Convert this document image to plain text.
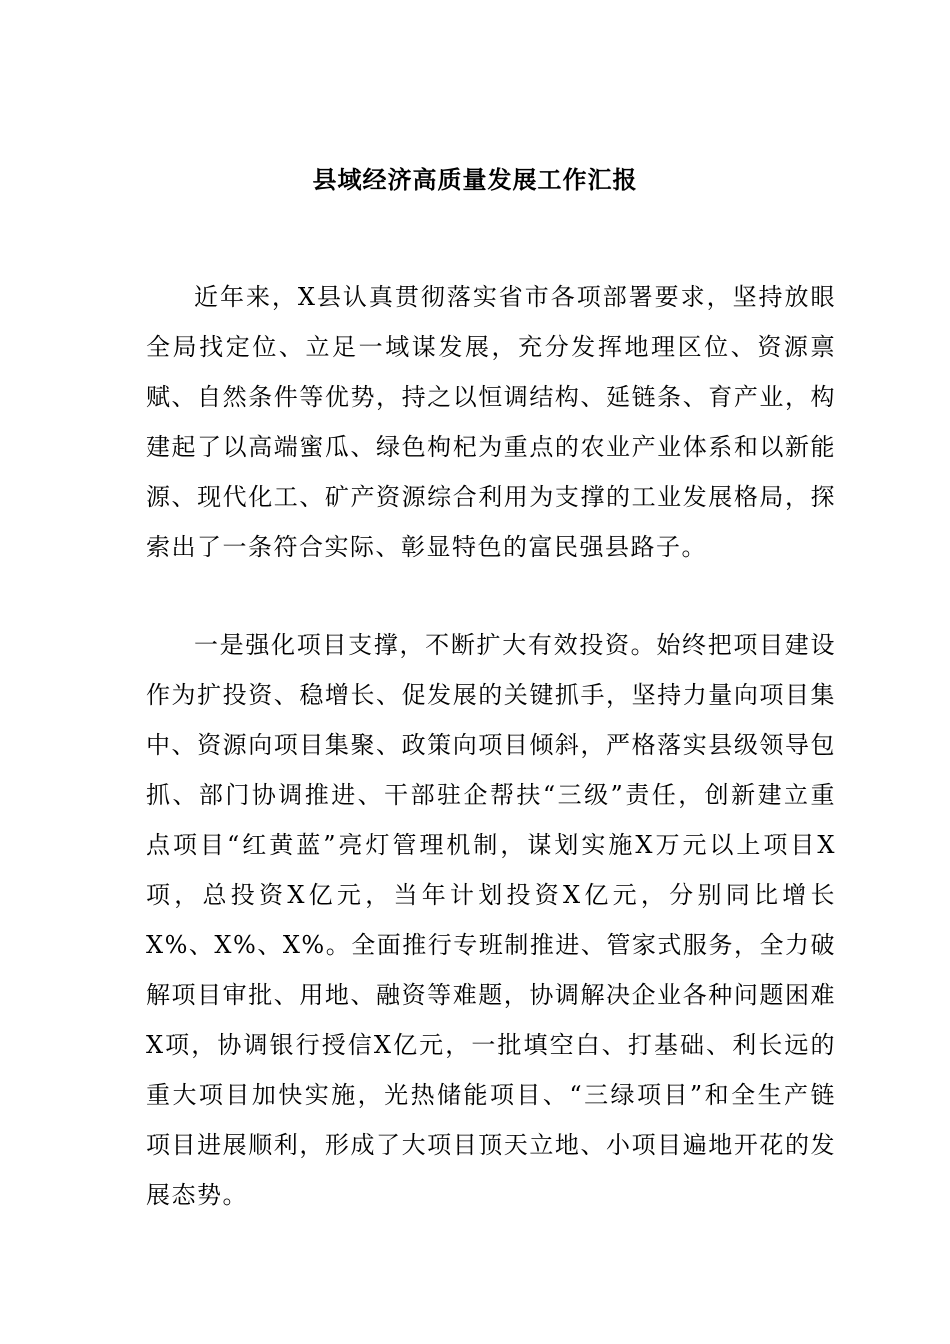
县域经济高质量发展工作汇报

近年来，X县认真贯彻落实省市各项部署要求，坚持放眼全局找定位、立足一域谋发展，充分发挥地理区位、资源禀赋、自然条件等优势，持之以恒调结构、延链条、育产业，构建起了以高端蜜瓜、绿色枸杞为重点的农业产业体系和以新能源、现代化工、矿产资源综合利用为支撑的工业发展格局，探索出了一条符合实际、彰显特色的富民强县路子。

一是强化项目支撑，不断扩大有效投资。始终把项目建设作为扩投资、稳增长、促发展的关键抓手，坚持力量向项目集中、资源向项目集聚、政策向项目倾斜，严格落实县级领导包抓、部门协调推进、干部驻企帮扶“三级”责任，创新建立重点项目“红黄蓝”亮灯管理机制，谋划实施X万元以上项目X项，总投资X亿元，当年计划投资X亿元，分别同比增长X%、X%、X%。全面推行专班制推进、管家式服务，全力破解项目审批、用地、融资等难题，协调解决企业各种问题困难X项，协调银行授信X亿元，一批填空白、打基础、利长远的重大项目加快实施，光热储能项目、“三绿项目”和全生产链项目进展顺利，形成了大项目顶天立地、小项目遍地开花的发展态势。
